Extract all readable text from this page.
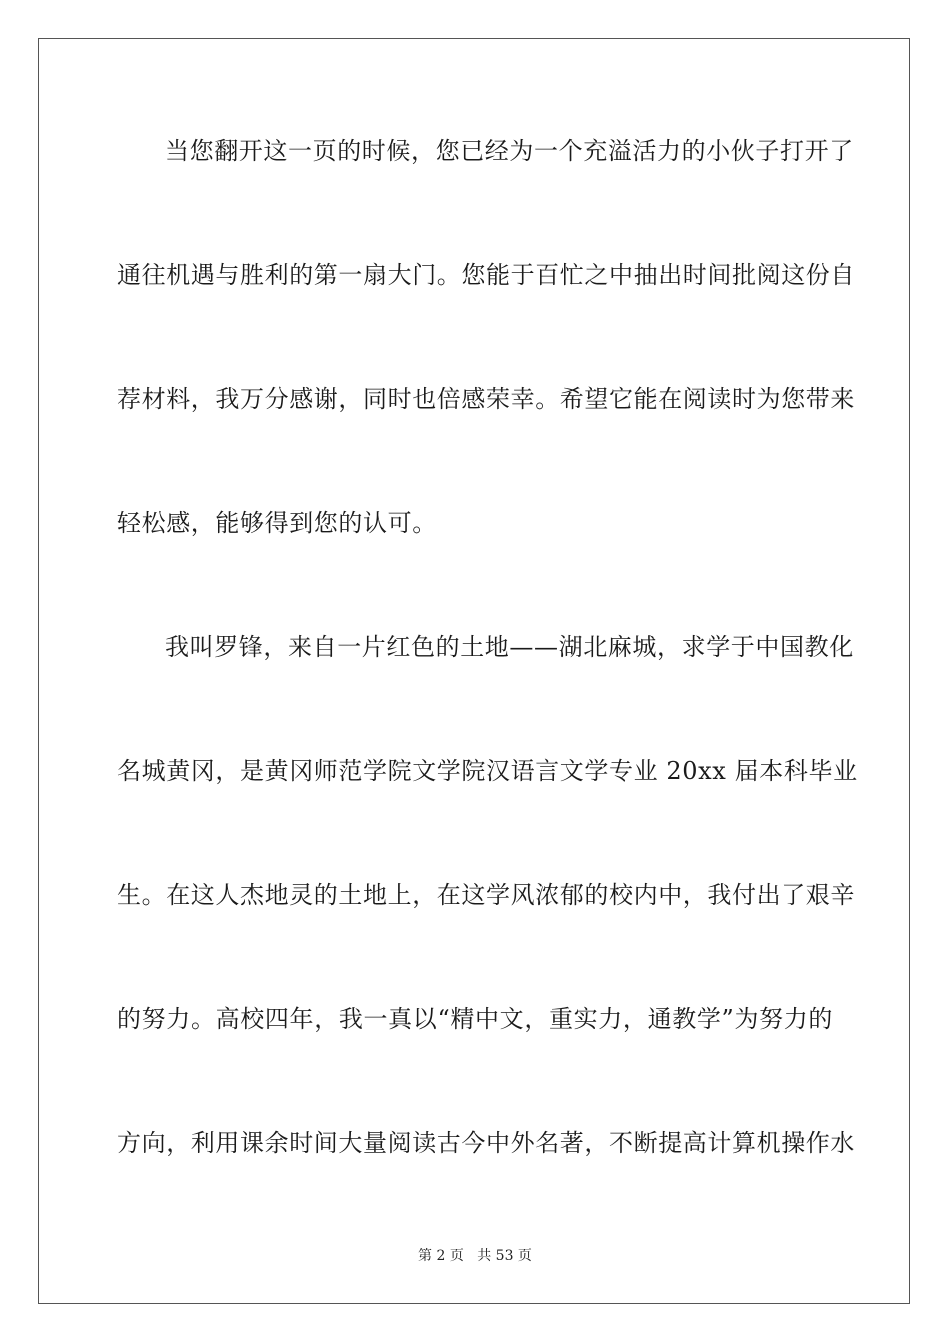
当您翻开这一页的时候，您已经为一个充溢活力的小伙子打开了
通往机遇与胜利的第一扇大门。您能于百忙之中抽出时间批阅这份自
荐材料，我万分感谢，同时也倍感荣幸。希望它能在阅读时为您带来
轻松感，能够得到您的认可。
我叫罗锋，来自一片红色的土地——湖北麻城，求学于中国教化
名城黄冈，是黄冈师范学院文学院汉语言文学专业 20xx 届本科毕业
生。在这人杰地灵的土地上，在这学风浓郁的校内中，我付出了艰辛
的努力。高校四年，我一真以“精中文，重实力，通教学”为努力的
方向，利用课余时间大量阅读古今中外名著，不断提高计算机操作水
第 2 页 共 53 页
